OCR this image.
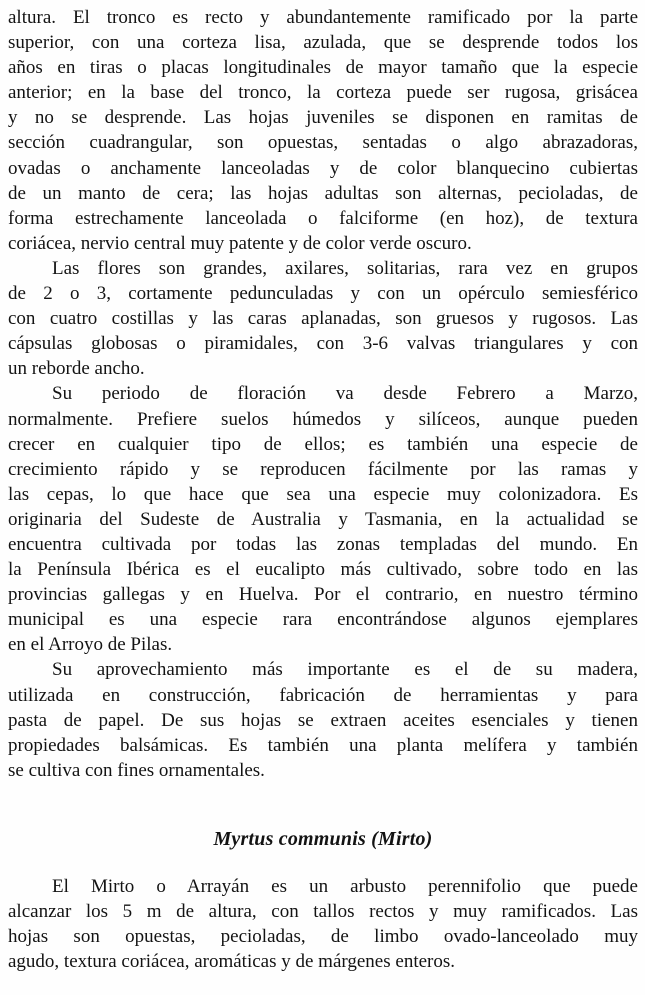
altura. El tronco es recto y abundantemente ramificado por la parte
superior, con una corteza lisa, azulada, que se desprende todos los
años en tiras o placas longitudinales de mayor tamaño que la especie
anterior; en la base del tronco, la corteza puede ser rugosa, grisácea
y no se desprende. Las hojas juveniles se disponen en ramitas de
sección cuadrangular, son opuestas, sentadas o algo abrazadoras,
ovadas o anchamente lanceoladas y de color blanquecino cubiertas
de un manto de cera; las hojas adultas son alternas, pecioladas, de
forma estrechamente lanceolada o falciforme (en hoz), de textura
coriácea, nervio central muy patente y de color verde oscuro.
Las flores son grandes, axilares, solitarias, rara vez en grupos
de 2 o 3, cortamente pedunculadas y con un opérculo semiesférico
con cuatro costillas y las caras aplanadas, son gruesos y rugosos. Las
cápsulas globosas o piramidales, con 3-6 valvas triangulares y con
un reborde ancho.
Su periodo de floración va desde Febrero a Marzo,
normalmente. Prefiere suelos húmedos y silíceos, aunque pueden
crecer en cualquier tipo de ellos; es también una especie de
crecimiento rápido y se reproducen fácilmente por las ramas y
las cepas, lo que hace que sea una especie muy colonizadora. Es
originaria del Sudeste de Australia y Tasmania, en la actualidad se
encuentra cultivada por todas las zonas templadas del mundo. En
la Península Ibérica es el eucalipto más cultivado, sobre todo en las
provincias gallegas y en Huelva. Por el contrario, en nuestro término
municipal es una especie rara encontrándose algunos ejemplares
en el Arroyo de Pilas.
Su aprovechamiento más importante es el de su madera,
utilizada en construcción, fabricación de herramientas y para
pasta de papel. De sus hojas se extraen aceites esenciales y tienen
propiedades balsámicas. Es también una planta melífera y también
se cultiva con fines ornamentales.
Myrtus communis (Mirto)
El Mirto o Arrayán es un arbusto perennifolio que puede
alcanzar los 5 m de altura, con tallos rectos y muy ramificados. Las
hojas son opuestas, pecioladas, de limbo ovado-lanceolado muy
agudo, textura coriácea, aromáticas y de márgenes enteros.
